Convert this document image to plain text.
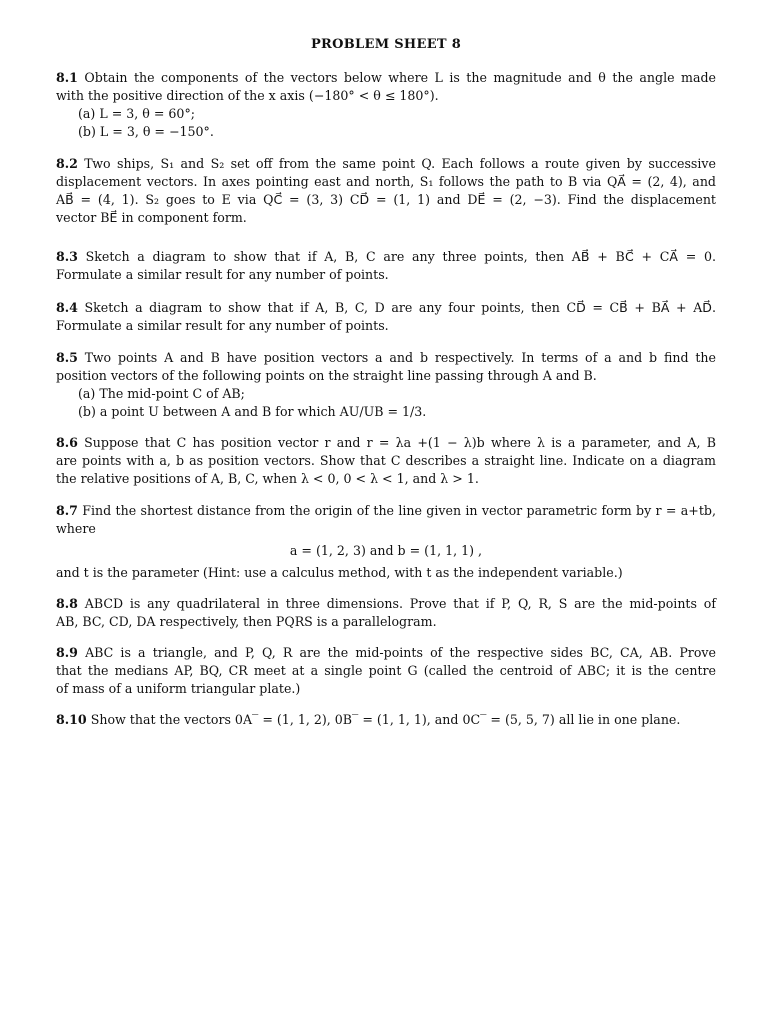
PROBLEM SHEET 8
8.1 Obtain the components of the vectors below where L is the magnitude and θ the angle made
with the positive direction of the x axis (−180° < θ ≤ 180°).
(a) L = 3, θ = 60°;
(b) L = 3, θ = −150°.
8.2 Two ships, S₁ and S₂ set off from the same point Q. Each follows a route given by successive
displacement vectors. In axes pointing east and north, S₁ follows the path to B via QA⃗ = (2, 4), and
AB⃗ = (4, 1). S₂ goes to E via QC⃗ = (3, 3) CD⃗ = (1, 1) and DE⃗ = (2, −3). Find the displacement
vector BE⃗ in component form.
8.3 Sketch a diagram to show that if A, B, C are any three points, then AB⃗ + BC⃗ + CA⃗ = 0.
Formulate a similar result for any number of points.
8.4 Sketch a diagram to show that if A, B, C, D are any four points, then CD⃗ = CB⃗ + BA⃗ + AD⃗.
Formulate a similar result for any number of points.
8.5 Two points A and B have position vectors a and b respectively. In terms of a and b find the
position vectors of the following points on the straight line passing through A and B.
(a) The mid-point C of AB;
(b) a point U between A and B for which AU/UB = 1/3.
8.6 Suppose that C has position vector r and r = λa +(1 − λ)b where λ is a parameter, and A, B
are points with a, b as position vectors. Show that C describes a straight line. Indicate on a diagram
the relative positions of A, B, C, when λ < 0, 0 < λ < 1, and λ > 1.
8.7 Find the shortest distance from the origin of the line given in vector parametric form by r = a+tb,
where
a = (1, 2, 3) and b = (1, 1, 1) ,
and t is the parameter (Hint: use a calculus method, with t as the independent variable.)
8.8 ABCD is any quadrilateral in three dimensions. Prove that if P, Q, R, S are the mid-points of
AB, BC, CD, DA respectively, then PQRS is a parallelogram.
8.9 ABC is a triangle, and P, Q, R are the mid-points of the respective sides BC, CA, AB. Prove
that the medians AP, BQ, CR meet at a single point G (called the centroid of ABC; it is the centre
of mass of a uniform triangular plate.)
8.10 Show that the vectors 0A‾ = (1, 1, 2), 0B‾ = (1, 1, 1), and 0C‾ = (5, 5, 7) all lie in one plane.
